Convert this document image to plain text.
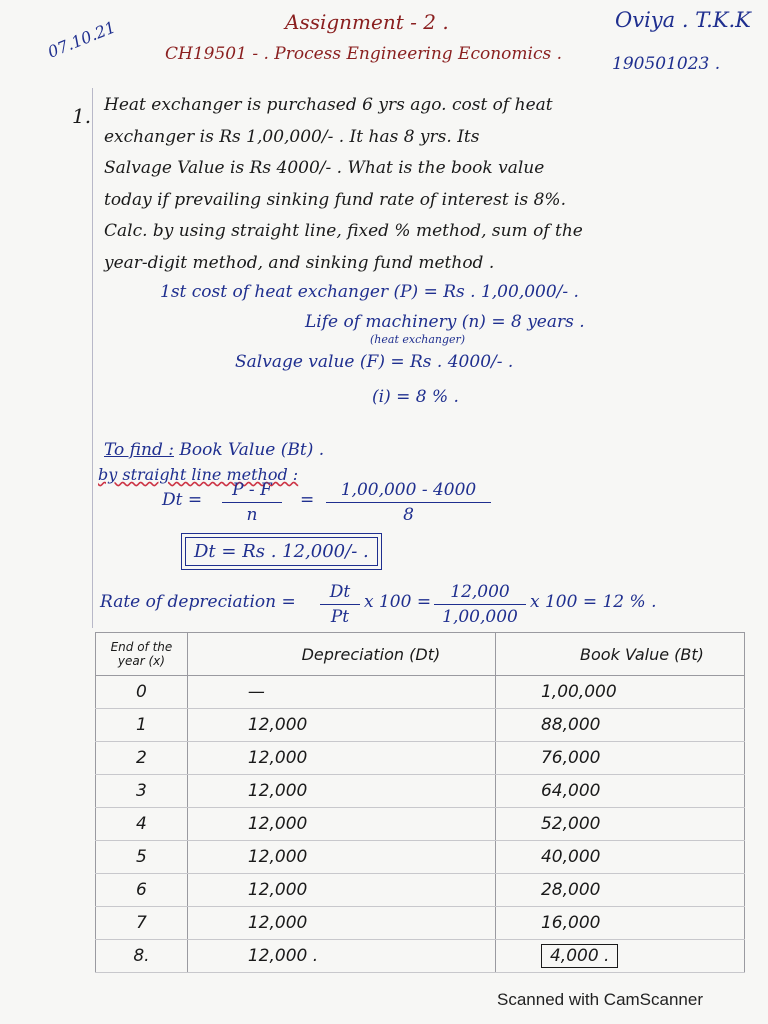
Assignment - 2 .
CH19501 - . Process Engineering Economics .
07.10.21	Oviya . T.K.K
190501023 .
1. Heat exchanger is purchased 6 yrs ago. cost of heat
exchanger is Rs 1,00,000/- . It has 8 yrs. Its
Salvage Value is Rs 4000/- . What is the book value
today if prevailing sinking fund rate of interest is 8%.
Calc. by using straight line, fixed % method, sum of the
year-digit method, and sinking fund method .
1st cost of heat exchanger (P) = Rs . 1,00,000/- .
Life of machinery (n) = 8 years .
(heat exchanger)
Salvage value (F) = Rs . 4000/- .
(i) = 8 % .
To find : Book Value (Bt) .
by straight line method :
$Dt = \frac{P - F}{n} = \frac{1,00,000 - 4000}{8}$
Dt = Rs . 12,000/- .
Rate of depreciation = $\frac{Dt}{Pt}$ x $100 = \frac{12,000}{1,00,000}$ x 100 = 12 % .
End of the year (x)	Depreciation (Dt)	Book Value (Bt)
0	—	1,00,000
1	12,000	88,000
2	12,000	76,000
3	12,000	64,000
4	12,000	52,000
5	12,000	40,000
6	12,000	28,000
7	12,000	16,000
8.	12,000 .	4,000 .
Scanned with CamScanner
